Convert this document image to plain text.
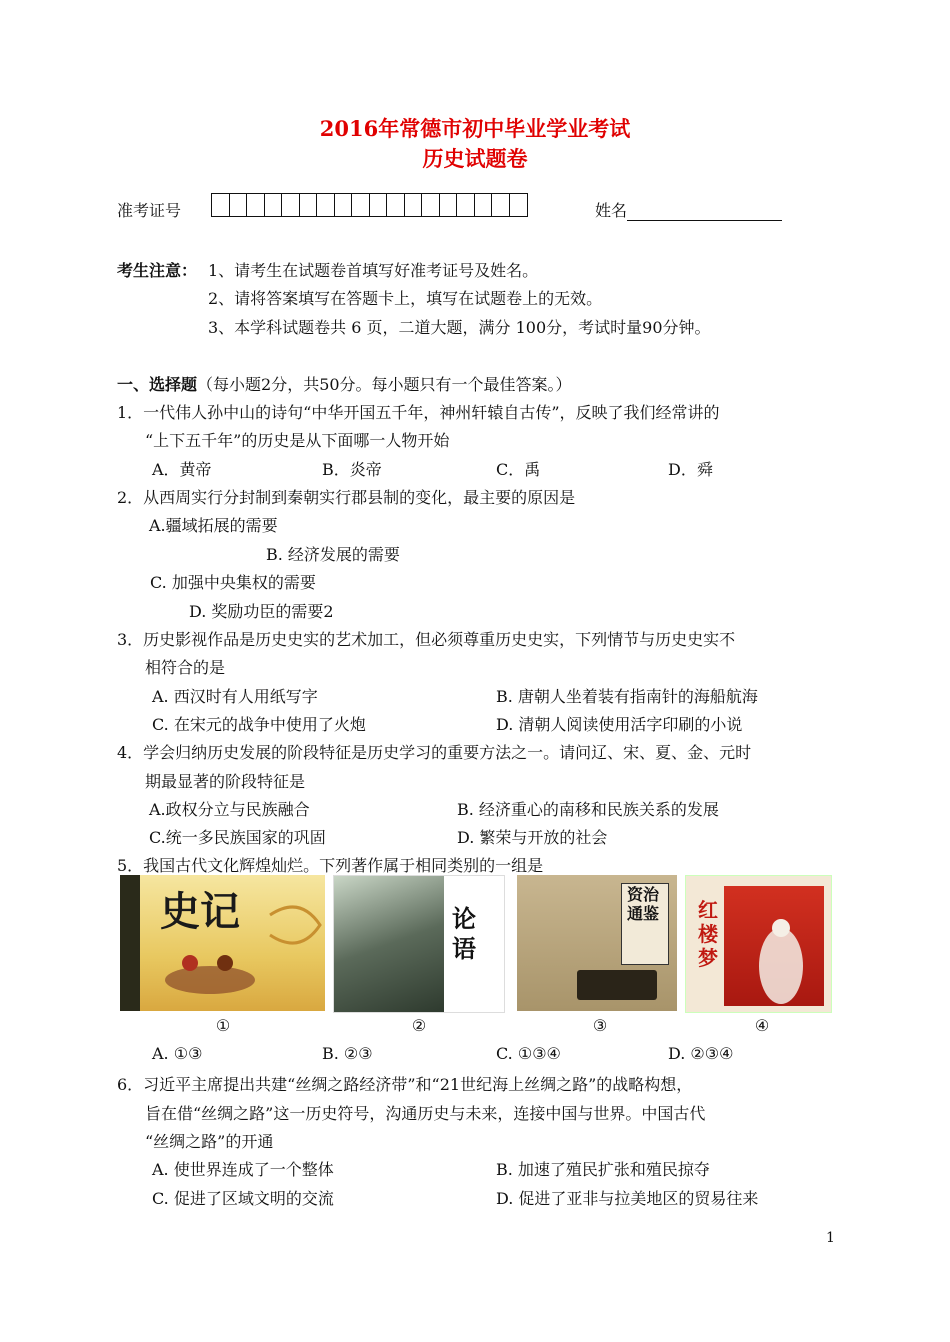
2016年常德市初中毕业学业考试
历史试题卷
准考证号	姓名
考生注意： 1、请考生在试题卷首填写好准考证号及姓名。
2、请将答案填写在答题卡上，填写在试题卷上的无效。
3、本学科试题卷共 6 页，二道大题，满分 100分，考试时量90分钟。
一、选择题（每小题2分，共50分。每小题只有一个最佳答案。）
1．一代伟人孙中山的诗句“中华开国五千年，神州轩辕自古传”，反映了我们经常讲的
“上下五千年”的历史是从下面哪一人物开始
A．黄帝	B．炎帝	C．禹	D．舜
2．从西周实行分封制到秦朝实行郡县制的变化，最主要的原因是
A.疆域拓展的需要
B. 经济发展的需要
C. 加强中央集权的需要
D. 奖励功臣的需要2
3．历史影视作品是历史史实的艺术加工，但必须尊重历史史实，下列情节与历史史实不
相符合的是
A. 西汉时有人用纸写字	B. 唐朝人坐着装有指南针的海船航海
C. 在宋元的战争中使用了火炮	D. 清朝人阅读使用活字印刷的小说
4．学会归纳历史发展的阶段特征是历史学习的重要方法之一。请问辽、宋、夏、金、元时
期最显著的阶段特征是
A.政权分立与民族融合	B. 经济重心的南移和民族关系的发展
C.统一多民族国家的巩固	D. 繁荣与开放的社会
5．我国古代文化辉煌灿烂。下列著作属于相同类别的一组是
史记	论语
资治通鉴 红楼梦
①	②	③	④
A. ①③	B. ②③	C. ①③④	D. ②③④
6．习近平主席提出共建“丝绸之路经济带”和“21世纪海上丝绸之路”的战略构想，
旨在借“丝绸之路”这一历史符号，沟通历史与未来，连接中国与世界。中国古代
“丝绸之路”的开通
A. 使世界连成了一个整体	B. 加速了殖民扩张和殖民掠夺
C. 促进了区域文明的交流	D. 促进了亚非与拉美地区的贸易往来
1
